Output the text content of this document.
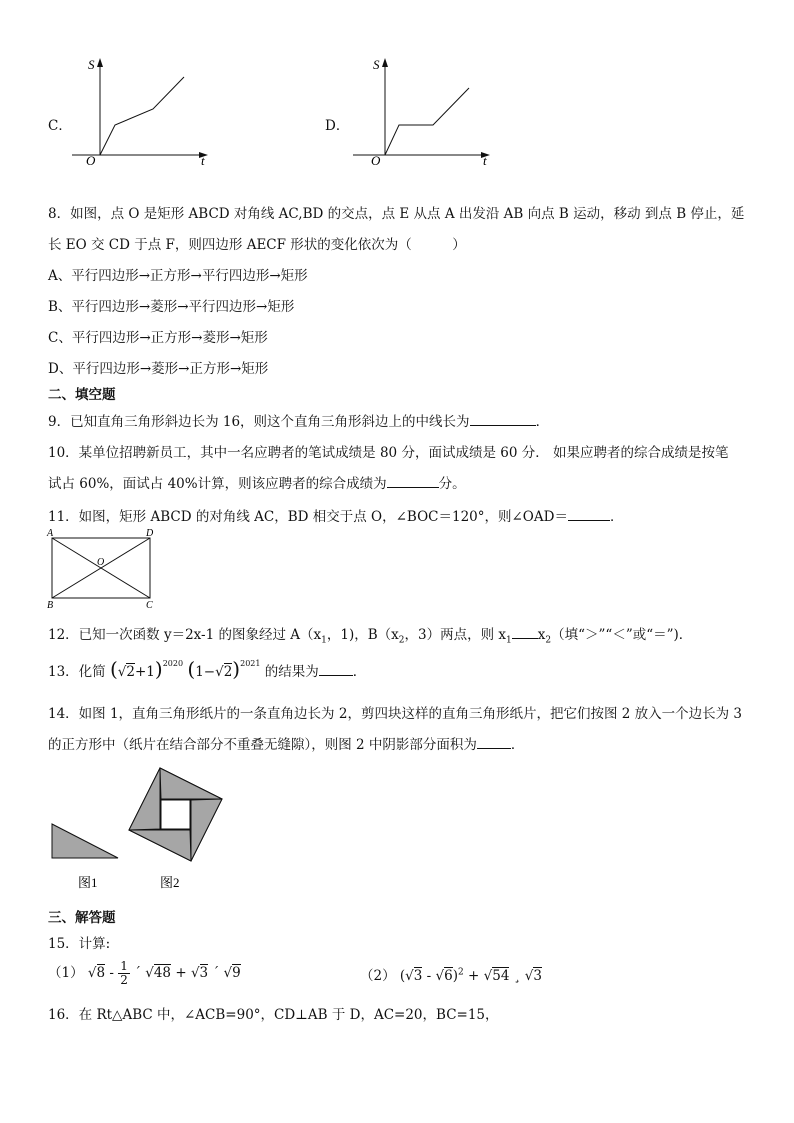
C．
S
t
O
D．
S
t
O
8．如图，点 O 是矩形 ABCD 对角线 AC,BD 的交点，点 E 从点 A 出发沿 AB 向点 B 运动，移动 到点 B 停止，延
长 EO 交 CD 于点 F，则四边形 AECF 形状的变化依次为（　　　）
A、平行四边形→正方形→平行四边形→矩形
B、平行四边形→菱形→平行四边形→矩形
C、平行四边形→正方形→菱形→矩形
D、平行四边形→菱形→正方形→矩形
二、填空题
9．已知直角三角形斜边长为 16，则这个直角三角形斜边上的中线长为	．
10．某单位招聘新员工，其中一名应聘者的笔试成绩是 80 分，面试成绩是 60 分． 如果应聘者的综合成绩是按笔
试占 60%，面试占 40%计算，则该应聘者的综合成绩为	分。
11．如图，矩形 ABCD 的对角线 AC，BD 相交于点 O，∠BOC＝120°，则∠OAD＝	．
A	D
B	C
O
12．已知一次函数 y＝2x-1 的图象经过 $A(x_1$，1)，$B(x_2$，3）两点，则 $x_1$ $x_2$（填“＞”“＜”或“＝”)．
13．化简 $(√2+1)^{2020}$ $(1-√2)^{2021}$ 的结果为	．
14．如图 1，直角三角形纸片的一条直角边长为 2，剪四块这样的直角三角形纸片，把它们按图 2 放入一个边长为 3
的正方形中（纸片在结合部分不重叠无缝隙），则图 2 中阴影部分面积为	．
图1	图2
三、解答题
15．计算:
（1） $√8 - \frac{1}{2}$ ´ √48 + √3 ´ √9	（2） (√3 - √6)$^2$ + √54 ¸ √3
16．在 Rt△ABC 中，∠ACB=90°，CD⊥AB 于 D，AC=20，BC=15，
